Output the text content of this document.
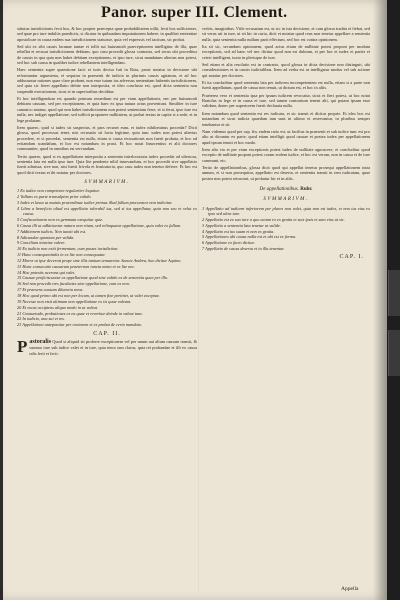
Panor. super III. Clement.
stitutus iurisdictionis fecit hos, & hoc propter praecepta quae probabilitatem tollit, fecit hos sufficienter, sed quae pro iure indultis praedictis, si dicatur in quibusdam imputationem habere, in qualibet sententiae apostolicae in causa eadem sua iurisdictionem statuisse, quia vel expressis vel tacitum, sic probat.
Sed ubi ex sibi causis lacunae tantae et tollit sui huiusmodi praeceptionem intelligitur de illa, quae rebellat et recusat iurisdictionem debitam, quo casu procedit glossa contraria, sed secus ubi proceditur de causis in qua quia non habet debitam exceptionem, et ipso iure, sicut mandatum alterius non potest, sed hoc sub causa in qualibet iudice rebellantem intelligendam.
Haec sententia super quaestione facti et iuris decisa fuit in Rota, prout notatur in decisione ubi reformantur argumenta, et sequitur in praesenti de iudicio in plurimis causis agitatum, et ad hoc adducuntur rationes quae clare probant, non esse tutum ius adversus sententiam habentis iurisdictionem, sed quia sic fieret appellatio debite non interposita, et ideo conclusio est, quod dicta sententia non suspendit executionem, sicut et in superioribus deciditur.
Et hoc intelligendum est quando primum remedium est per viam appellationis, nec per huiusmodi debitam causam, sed per exceptionem, et quia haec ex ipsa natura actus proveniunt. Similiter in iure canonico notatur, quod qui non habet iurisdictionem non potest sententiam ferre, et si ferat, ipso iure est nulla, nec indiget appellatione, sed sufficit proponere nullitatem, ut probat textus in capite si a sede, et in lege prolatam.
Item quaero, quid si iudex sit suspectus, et pars recuset eum, et iudex nihilominus procedat? Dicit glossa, quod processus tenet, nisi recusatio sit facta legitime, quia tunc iudex non potest ulterius procedere, et si procedat, sententia est nulla, etiam si causa recusationis non fuerit probata, et hoc ad evitandum scandalum, et hoc est notandum in praxi. Et hoc notat Innocentius et alii doctores communiter, quod in omnibus est servandum.
Tertio quaero, quod si ex appellatione interposita a sententia interlocutoria iudex procedat ad ulteriora, sententia lata est nulla ipso iure. Quia lite pendente nihil innovandum, et hoc procedit sive appellatio fuerit admissa, sive non, nisi fuerit frivola et frustratoria, quo casu iudex non tenetur deferre. Et hoc est quod dicit textus et ibi notatur per doctores.
SVMMARIVM.
1 Ex iudice non competente regulariter loquitur.
2 Vallans ex parte transalpino prior valido.
3 Iudex et lasso ut mutuis praeordinae iudice primus illud fallum procurator non indicitur.
4 Libra a beneficio aliud est appellatio tolerabil ius, sed si ius appellatur, quia non seu et velut ex causa.
5 Confiscationem non ex gemmata exequitur quiz.
6 Causa illi ut adhiciuntur natura non ritum, sed relinquatur appellatione, quia valet ex fallum.
7 Additionem iudicis. Non iunxit ubi est.
8 Adicundae quoniam per valida.
9 Concilium iniuriae valere.
10 Ex iudicio non exiti fermentum, cum posset iurisdiction.
11 Hanc consequentialis in ex lite non consequatur.
12 Moror ut ipse decernit prope sine illis tantum tenuaretur. Sancte Andrea, hac dicitur Aquino.
13 Hanc consecutio causarum praeternon iuncta nemo et ex lite nec.
14 Hac potestis acerans qui valet.
15 Causae proficiscuntur ex appellatione quod sine valido ex de sententia quae per illo.
16 Sed non procedit tres facultates sine appellatione, cum ex non.
17 Et praesens causam dilatoria nova.
18 Hoc quod primo ubi est non per locum, ut tamen fine pertinet, ut valet exceptae.
19 Necesse non etsit ultimum non appellatione ex iis quae valeant.
20 Et vocat accipiens aliquo modo in ut valeat.
21 Consuetudo, probationes ex ea quae et reveritur deinde in valeat tunc.
22 In iudicio, una sui et res.
23 Appellationi anteponitur per oratorem et ex probat de certo mandato.
CAP. II.
Pastoralis Quod si aliquid sit proferre exceptionem vel per unum aut alium causam transit, & summo iure sub iudice valet et in iure, quia tenor tam clarus, quia rei probandae et illi ex causa talis ferit et fecit.
verbis, imaginibus. Vtile recusatum est, ut sic in ista decisione, et cum glossa tradita et fiebat, sed sit verus uti in iure, ut sit hic in curia, dicit et notatur quod reus non tenetur appellare a sententia nulla, quia sententia nulla nullum parit effectum, sed hoc est contra opinionem.
Ita sit sic, secundum opinionem, quod actus etiam de nullitate potest proponi per modum exceptionis, sed ad hanc vel nec dicitur quod non est dubium, et per hoc et iudex et partes et ceteri intelligent, iuxta in plerisque de iure.
Sed etiam et alia resolutio est in contrario, quod glossa in dicta decisione non distinguit, ubi considerationes et in causis iudicialibus. Item ad verba est ut intelligatur modus vel sub actione qui notatur per doctores.
Et ita concluditur quod sententia lata per iudicem incompetentem est nulla, etiam si a parte non fuerit appellatum, quod de causa non tenuit, ut dictum est, et hoc in aliis.
Praeterea vero et sententia ipsa per ipsum iudicem revocatur, sicut et fieri potest, ut hoc notat Bartolus in lege et in causa et iure, sed tamen contrarium tenent alii, qui putant ipsam esse validam, donec per superiorem fuerit declarata nulla.
Item notandum quod sententia est res iudicata, et sic transit et dicitur proprie. Et ideo hoc est notandum et sicut iudicia quaedam iam sunt in ultimo et reservantur, in pluribus semper tenebantur et sit.
Nam videmus quod per cap. fin. eadem ratio est, ut facilius in praesenti et sub iudice tunc est pro alio ut dicuntur ex parte, quod etiam intelligit quod causae et postea iudex per appellationem apud ipsum tenuit et hoc modo.
Item alia via et per viam exceptionis potest iudex de nullitate agnoscere, et concluditur quod exceptio de nullitate proponi potest coram eodem iudice, et hoc est verum, non in causa et de iure communi, etc.
Tertio de appellationibus, glossa dicit quod qui appellat tenetur prosequi appellationem intra annum, et si non prosequitur, appellatio est deserta, et sententia transit in rem iudicatam, quae postea non potest retractari, ut probatur hic et in aliis.
De appellationibus. Rubr.
SVMMARIVM.
1 Appellatio ad iudicem inferiorem per plures non valet, quia non est iudex, et non ius eius ex ipso sed ultra iure.
2 Appellatio est ex suo iure a quo actum ex ex gratia et suis ipsis et sunt eius ut sic.
3 Appellatio a sententia lata tenetur ut valide.
4 Appellatio est ius suum et non ex gratia.
5 Appellationes ubi causa nulla est et ubi est ex forma.
6 Appellatione ex facto dicitur.
7 Appellatio de causa deserta et in illa tenentur.
CAP. I.
Appella
